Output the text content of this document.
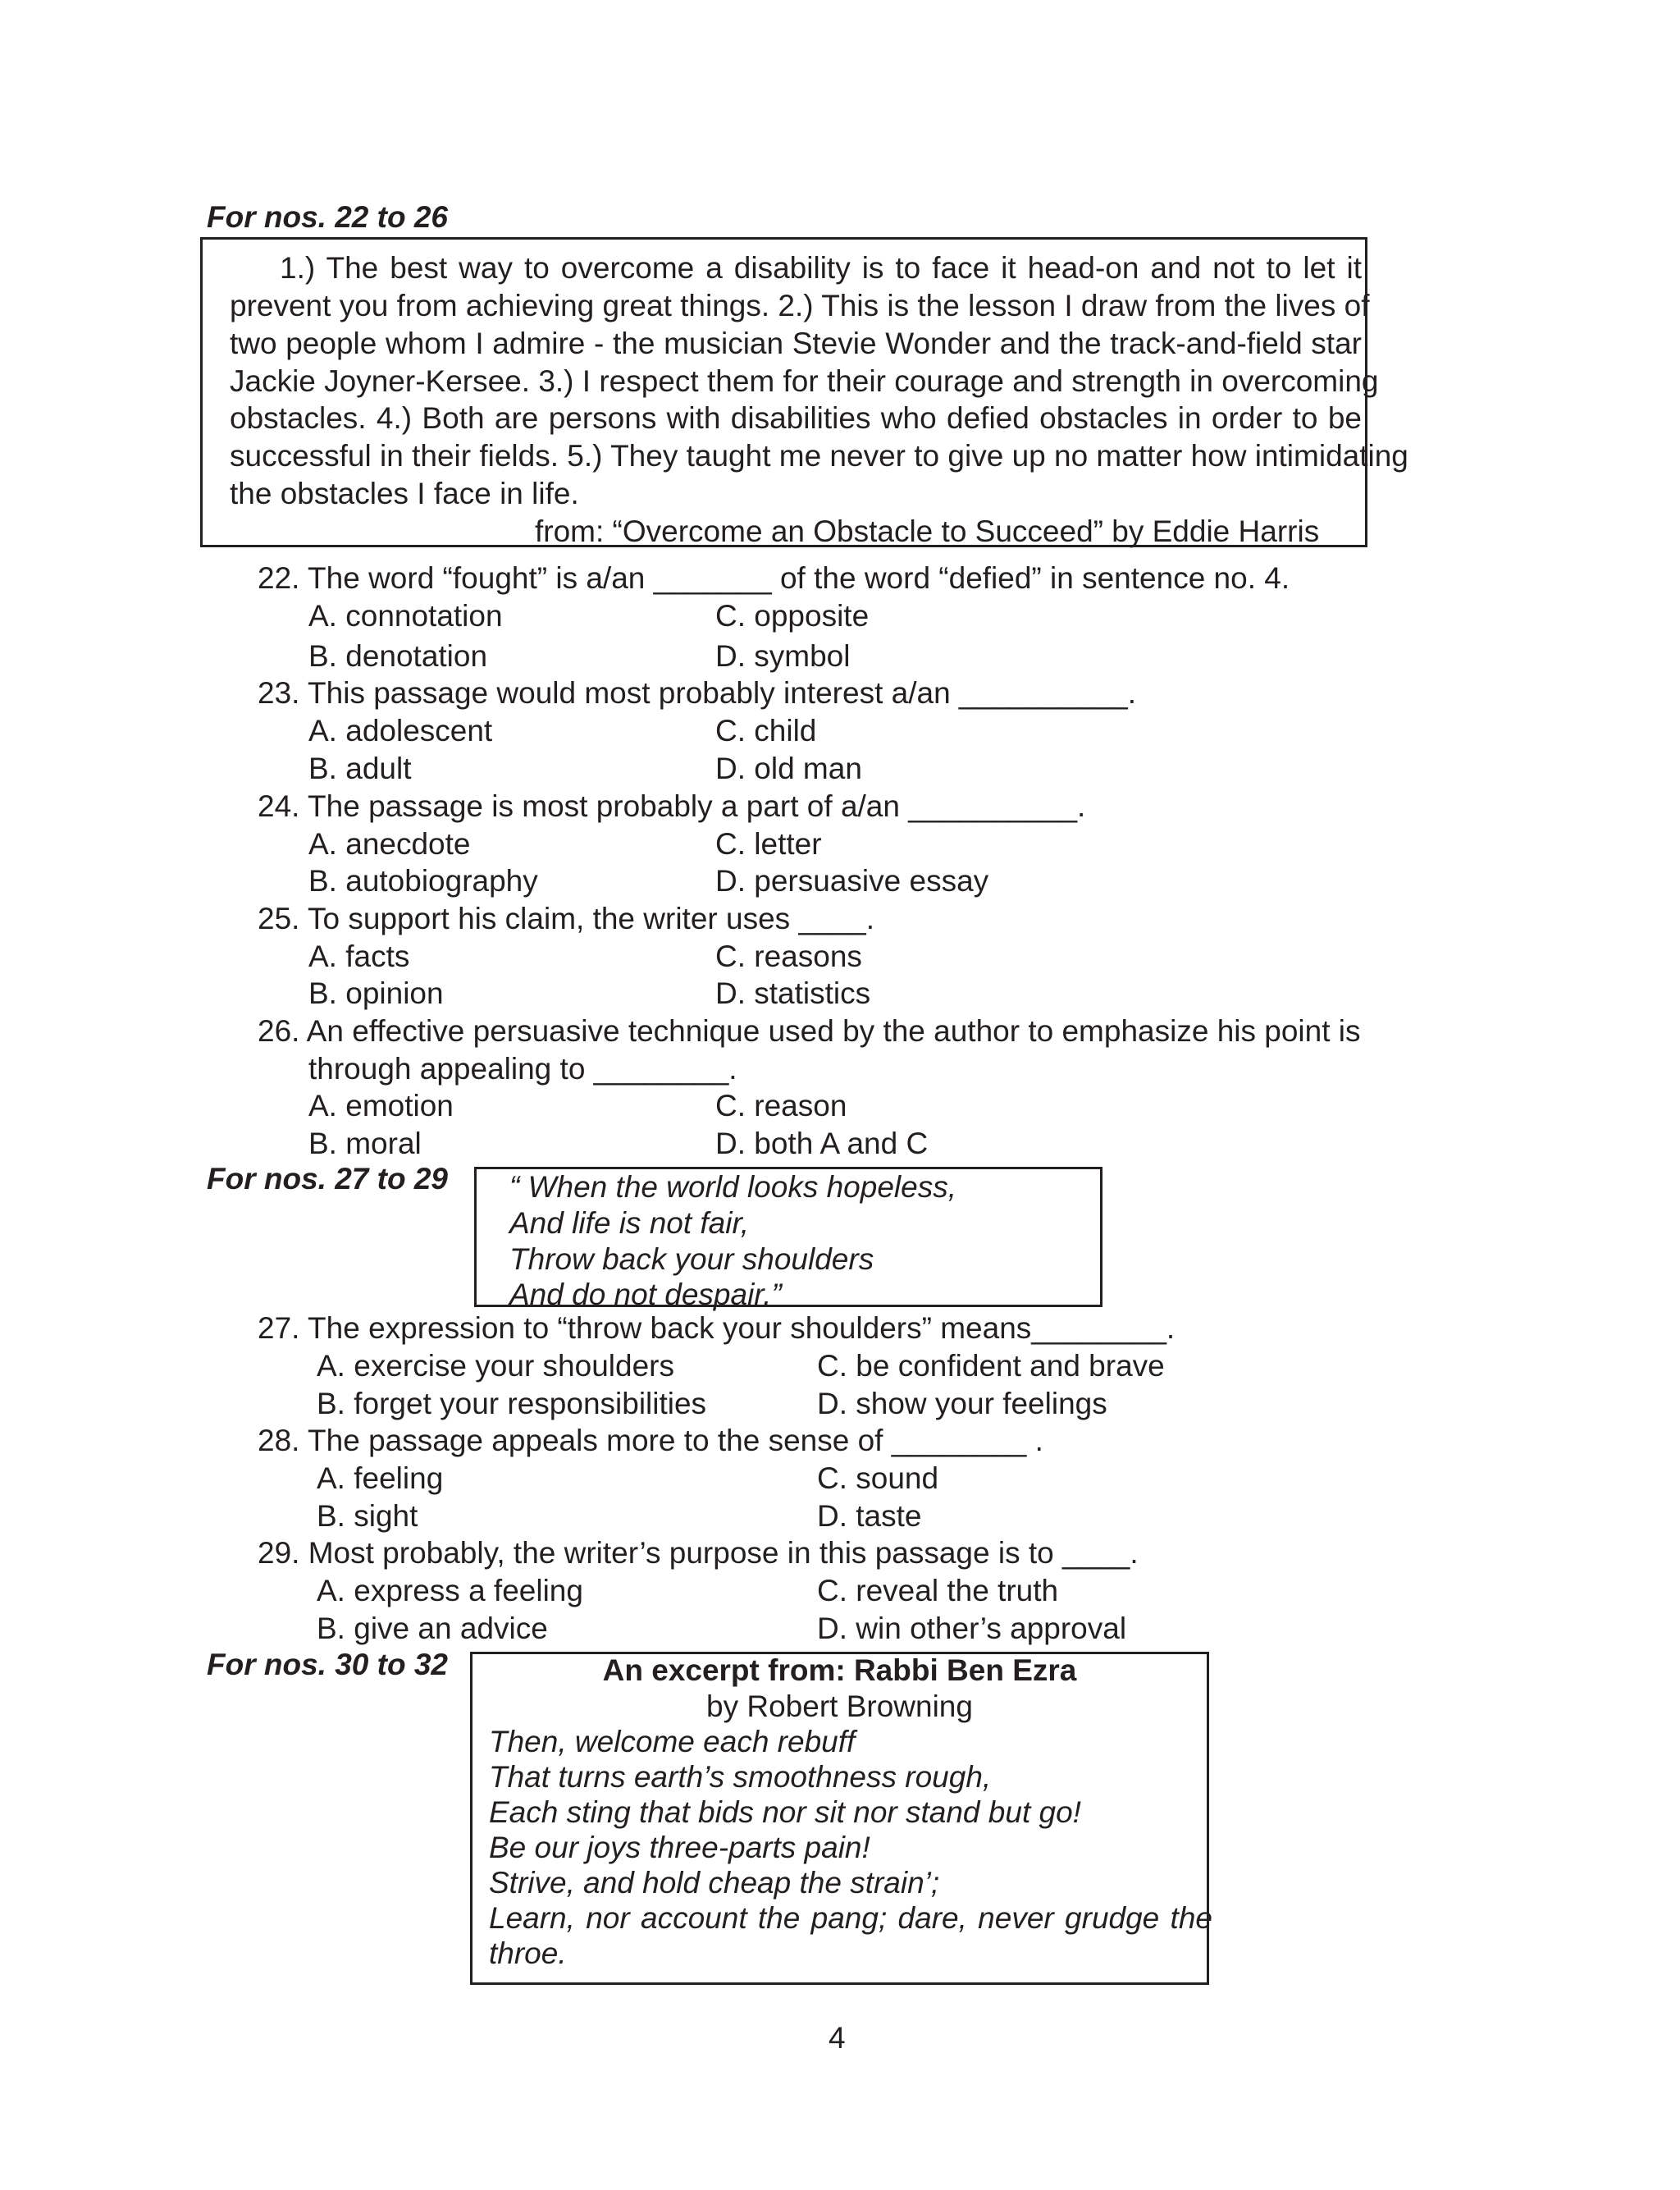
For nos. 22 to 26
1.) The best way to overcome a disability is to face it head-on and not to let it
prevent you from achieving great things. 2.) This is the lesson I draw from the lives of
two people whom I admire - the musician Stevie Wonder and the track-and-field star
Jackie Joyner-Kersee. 3.) I respect them for their courage and strength in overcoming
obstacles. 4.) Both are persons with disabilities who defied obstacles in order to be
successful in their fields. 5.) They taught me never to give up no matter how intimidating
the obstacles I face in life.
from: “Overcome an Obstacle to Succeed” by Eddie Harris
22. The word “fought” is a/an _______ of the word “defied” in sentence no. 4.
A. connotation	C. opposite
B. denotation	D. symbol
23. This passage would most probably interest a/an __________.
A. adolescent	C. child
B. adult	D. old man
24. The passage is most probably a part of a/an __________.
A. anecdote	C. letter
B. autobiography	D. persuasive essay
25. To support his claim, the writer uses ____.
A. facts	C. reasons
B. opinion	D. statistics
26. An effective persuasive technique used by the author to emphasize his point is
through appealing to ________.
A. emotion	C. reason
B. moral	D. both A and C
For nos. 27 to 29 “ When the world looks hopeless,
And life is not fair,
Throw back your shoulders
And do not despair.”
27. The expression to “throw back your shoulders” means________.
A. exercise your shoulders	C. be confident and brave
B. forget your responsibilities	D. show your feelings
28. The passage appeals more to the sense of ________ .
A. feeling	C. sound
B. sight	D. taste
29. Most probably, the writer’s purpose in this passage is to ____.
A. express a feeling	C. reveal the truth
B. give an advice	D. win other’s approval
For nos. 30 to 32	An excerpt from: Rabbi Ben Ezra
by Robert Browning
Then, welcome each rebuff
That turns earth’s smoothness rough,
Each sting that bids nor sit nor stand but go!
Be our joys three-parts pain!
Strive, and hold cheap the strain’;
Learn, nor account the pang; dare, never grudge the
throe.
4
